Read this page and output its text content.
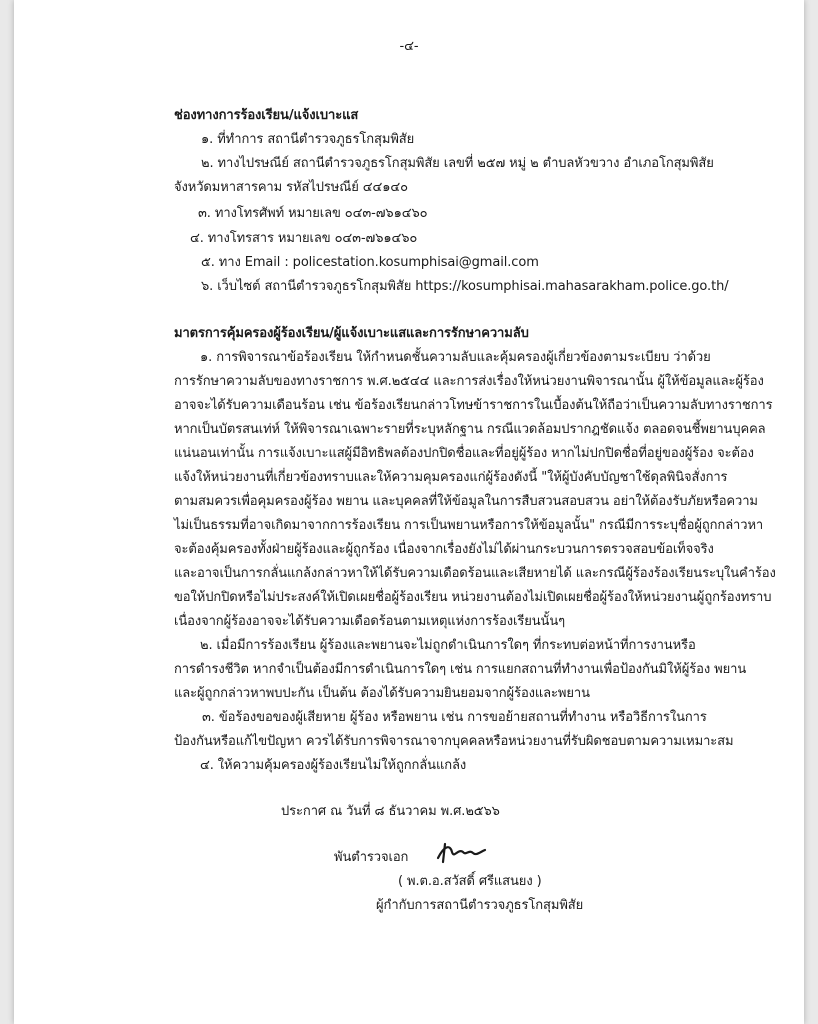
-๔-
ช่องทางการร้องเรียน/แจ้งเบาะแส
๑. ที่ทำการ สถานีตำรวจภูธรโกสุมพิสัย
๒. ทางไปรษณีย์ สถานีตำรวจภูธรโกสุมพิสัย เลขที่ ๒๕๗ หมู่ ๒ ตำบลหัวขวาง อำเภอโกสุมพิสัย
จังหวัดมหาสารคาม รหัสไปรษณีย์ ๔๔๑๔๐
๓. ทางโทรศัพท์ หมายเลข ๐๔๓-๗๖๑๔๖๐
๔. ทางโทรสาร หมายเลข ๐๔๓-๗๖๑๔๖๐
๕. ทาง Email : policestation.kosumphisai@gmail.com
๖. เว็บไซต์ สถานีตำรวจภูธรโกสุมพิสัย https://kosumphisai.mahasarakham.police.go.th/
มาตรการคุ้มครองผู้ร้องเรียน/ผู้แจ้งเบาะแสและการรักษาความลับ
๑. การพิจารณาข้อร้องเรียน ให้กำหนดชั้นความลับและคุ้มครองผู้เกี่ยวข้องตามระเบียบ ว่าด้วย
การรักษาความลับของทางราชการ พ.ศ.๒๕๔๔ และการส่งเรื่องให้หน่วยงานพิจารณานั้น ผู้ให้ข้อมูลและผู้ร้อง
อาจจะได้รับความเดือนร้อน เช่น ข้อร้องเรียนกล่าวโทษข้าราชการในเบื้องต้นให้ถือว่าเป็นความลับทางราชการ
หากเป็นบัตรสนเท่ห์ ให้พิจารณาเฉพาะรายที่ระบุหลักฐาน กรณีแวดล้อมปรากฎชัดแจ้ง ตลอดจนชี้พยานบุคคล
แน่นอนเท่านั้น การแจ้งเบาะแสผู้มีอิทธิพลต้องปกปิดชื่อและที่อยู่ผู้ร้อง หากไม่ปกปิดชื่อที่อยู่ของผู้ร้อง จะต้อง
แจ้งให้หน่วยงานที่เกี่ยวข้องทราบและให้ความคุมครองแก่ผู้ร้องดังนี้ "ให้ผู้บังคับบัญชาใช้ดุลพินิจสั่งการ
ตามสมควรเพื่อคุมครองผู้ร้อง พยาน และบุคคลที่ให้ข้อมูลในการสืบสวนสอบสวน อย่าให้ต้องรับภัยหรือความ
ไม่เป็นธรรมที่อาจเกิดมาจากการร้องเรียน การเป็นพยานหรือการให้ข้อมูลนั้น" กรณีมีการระบุชื่อผู้ถูกกล่าวหา
จะต้องคุ้มครองทั้งฝ่ายผู้ร้องและผู้ถูกร้อง เนื่องจากเรื่องยังไม่ได้ผ่านกระบวนการตรวจสอบข้อเท็จจริง
และอาจเป็นการกลั่นแกล้งกล่าวหาให้ได้รับความเดือดร้อนและเสียหายได้ และกรณีผู้ร้องร้องเรียนระบุในคำร้อง
ขอให้ปกปิดหรือไม่ประสงค์ให้เปิดเผยชื่อผู้ร้องเรียน หน่วยงานต้องไม่เปิดเผยชื่อผู้ร้องให้หน่วยงานผู้ถูกร้องทราบ
เนื่องจากผู้ร้องอาจจะได้รับความเดือดร้อนตามเหตุแห่งการร้องเรียนนั้นๆ
๒. เมื่อมีการร้องเรียน ผู้ร้องและพยานจะไม่ถูกดำเนินการใดๆ ที่กระทบต่อหน้าที่การงานหรือ
การดำรงชีวิต หากจำเป็นต้องมีการดำเนินการใดๆ เช่น การแยกสถานที่ทำงานเพื่อป้องกันมิให้ผู้ร้อง พยาน
และผู้ถูกกล่าวหาพบปะกัน เป็นต้น ต้องได้รับความยินยอมจากผู้ร้องและพยาน
๓. ข้อร้องขอของผู้เสียหาย ผู้ร้อง หรือพยาน เช่น การขอย้ายสถานที่ทำงาน หรือวิธีการในการ
ป้องกันหรือแก้ไขปัญหา ควรได้รับการพิจารณาจากบุคคลหรือหน่วยงานที่รับผิดชอบตามความเหมาะสม
๔. ให้ความคุ้มครองผู้ร้องเรียนไม่ให้ถูกกลั่นแกล้ง
ประกาศ ณ วันที่ ๘ ธันวาคม พ.ศ.๒๕๖๖
พันตำรวจเอก
( พ.ต.อ.สวัสดิ์ ศรีแสนยง )
ผู้กำกับการสถานีตำรวจภูธรโกสุมพิสัย
